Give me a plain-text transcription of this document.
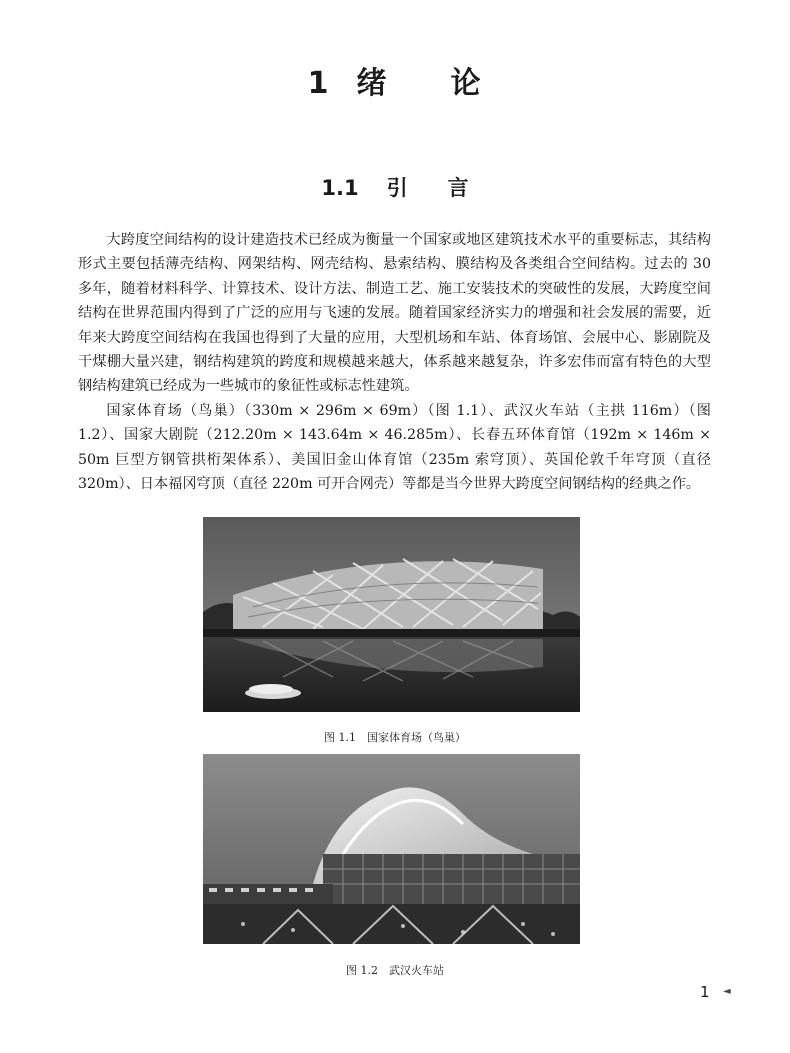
1 绪 论
1.1 引 言

大跨度空间结构的设计建造技术已经成为衡量一个国家或地区建筑技术水平的重要标志，其结构形式主要包括薄壳结构、网架结构、网壳结构、悬索结构、膜结构及各类组合空间结构。过去的 30 多年，随着材料科学、计算技术、设计方法、制造工艺、施工安装技术的突破性的发展，大跨度空间结构在世界范围内得到了广泛的应用与飞速的发展。随着国家经济实力的增强和社会发展的需要，近年来大跨度空间结构在我国也得到了大量的应用，大型机场和车站、体育场馆、会展中心、影剧院及干煤棚大量兴建，钢结构建筑的跨度和规模越来越大，体系越来越复杂，许多宏伟而富有特色的大型钢结构建筑已经成为一些城市的象征性或标志性建筑。

国家体育场（鸟巢）（330m × 296m × 69m）（图 1.1）、武汉火车站（主拱 116m）（图 1.2）、国家大剧院（212.20m × 143.64m × 46.285m）、长春五环体育馆（192m × 146m × 50m 巨型方钢管拱桁架体系）、美国旧金山体育馆（235m 索穹顶）、英国伦敦千年穹顶（直径 320m）、日本福冈穹顶（直径 220m 可开合网壳）等都是当今世界大跨度空间钢结构的经典之作。

图 1.1　国家体育场（鸟巢）
图 1.2　武汉火车站
1 ◄
